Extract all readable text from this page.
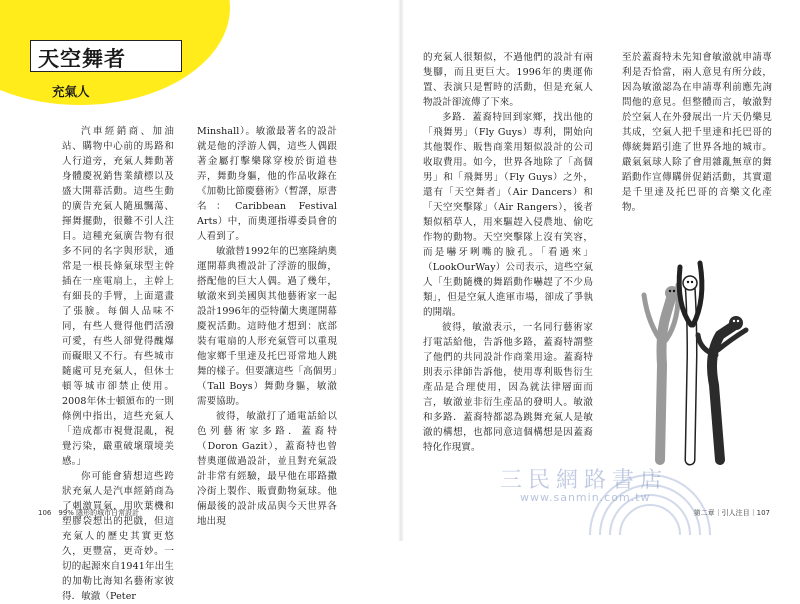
天空舞者
充氣人

汽車經銷商、加油站、購物中心前的馬路和人行道旁，充氣人舞動著身體慶祝銷售業績標以及盛大開幕活動。這些生動的廣告充氣人隨風飄蕩、揮舞擺動，很難不引人注目。這種充氣廣告物有很多不同的名字與形狀，通常是一根長條氣球型主幹插在一座電扇上，主幹上有細長的手臂，上面還畫了張臉。每個人品味不同，有些人覺得他們活潑可愛，有些人卻覺得醜爆而礙眼又不行。有些城市隨處可見充氣人，但休士頓等城市卻禁止使用。2008年休士頓頒布的一則條例中指出，這些充氣人「造成都市視覺混亂，視覺污染，嚴重破壞環境美感。」

你可能會猜想這些跨狀充氣人是汽車經銷商為了刺激買氣，用吹葉機和塑膠袋想出的把戲，但這充氣人的歷史其實更悠久，更豐富，更奇妙。一切的起源來自1941年出生的加勒比海知名藝術家彼得．敏澈（Peter

Minshall）。敏澈最著名的設計就是他的浮游人偶，這些人偶跟著金屬打擊樂隊穿梭於街道巷弄，舞動身軀，他的作品收錄在《加勒比節慶藝術》（暫譯，原書名：Caribbean Festival Arts）中，而奧運指導委員會的人看到了。

敏澈替1992年的巴塞隆納奧運開幕典禮設計了浮游的服飾，搭配他的巨大人偶。過了幾年，敏澈來到美國與其他藝術家一起設計1996年的亞特蘭大奧運開幕慶祝活動。這時他才想到：底部裝有電扇的人形充氣管可以重現他家鄉千里達及托巴哥常地人跳舞的樣子。但要讓這些「高個男」（Tall Boys）舞動身軀，敏澈需要協助。

彼得，敏澈打了通電話給以色列藝術家多路．蓋裔特（Doron Gazit），蓋裔特也曾替奧運做過設計，並且對充氣設計非常有經驗，最早他在耶路撒冷街上製作、販賣動物氣球。他倆最後的設計成品與今天世界各地出現

的充氣人很類似，不過他們的設計有兩隻腳，而且更巨大。1996年的奧運佈置、表演只是暫時的活動，但是充氣人物設計卻流傳了下來。

多路．蓋裔特回到家鄉，找出他的「飛舞男」（Fly Guys）專利，開始向其他製作、販售商業用類似設計的公司收取費用。如今，世界各地除了「高個男」和「飛舞男」（Fly Guys）之外，還有「天空舞者」（Air Dancers）和「天空突擊隊」（Air Rangers），後者類似稻草人，用來驅趕入侵農地、偷吃作物的動物。天空突擊隊上沒有笑容，而是嚇牙咧嘴的臉孔。「看過來」（LookOurWay）公司表示，這些空氣人「生動隨機的舞蹈動作嚇趕了不少鳥類」，但是空氣人進軍市場，卻成了爭執的開端。

彼得，敏澈表示，一名同行藝術家打電話給他，告訴他多路，蓋裔特謂整了他們的共同設計作商業用途。蓋裔特則表示律師告訴他，使用專利販售衍生產品是合理使用，因為就法律層面而言，敏澈並非衍生產品的發明人。敏澈和多路．蓋裔特都認為跳舞充氣人是敏澈的構想，也都同意這個構想是因蓋裔特化作現實。

至於蓋裔特未先知會敏澈就申請專利是否恰當，兩人意見有所分歧，因為敏澈認為在申請專利前應先詢問他的意見。但整體而言，敏澈對於空氣人在外發展出一片天仍樂見其成，空氣人把千里達和托巴哥的傳統舞蹈引進了世界各地的城市。嚴氣氣球人除了會用雜亂無章的舞蹈動作宣傳購併促銷活動，其實還是千里達及托巴哥的音樂文化產物。

三民網路書店
www.sanmin.com.tw
106　99% 隱形的城市日常設計	第二章｜引人注目｜107
